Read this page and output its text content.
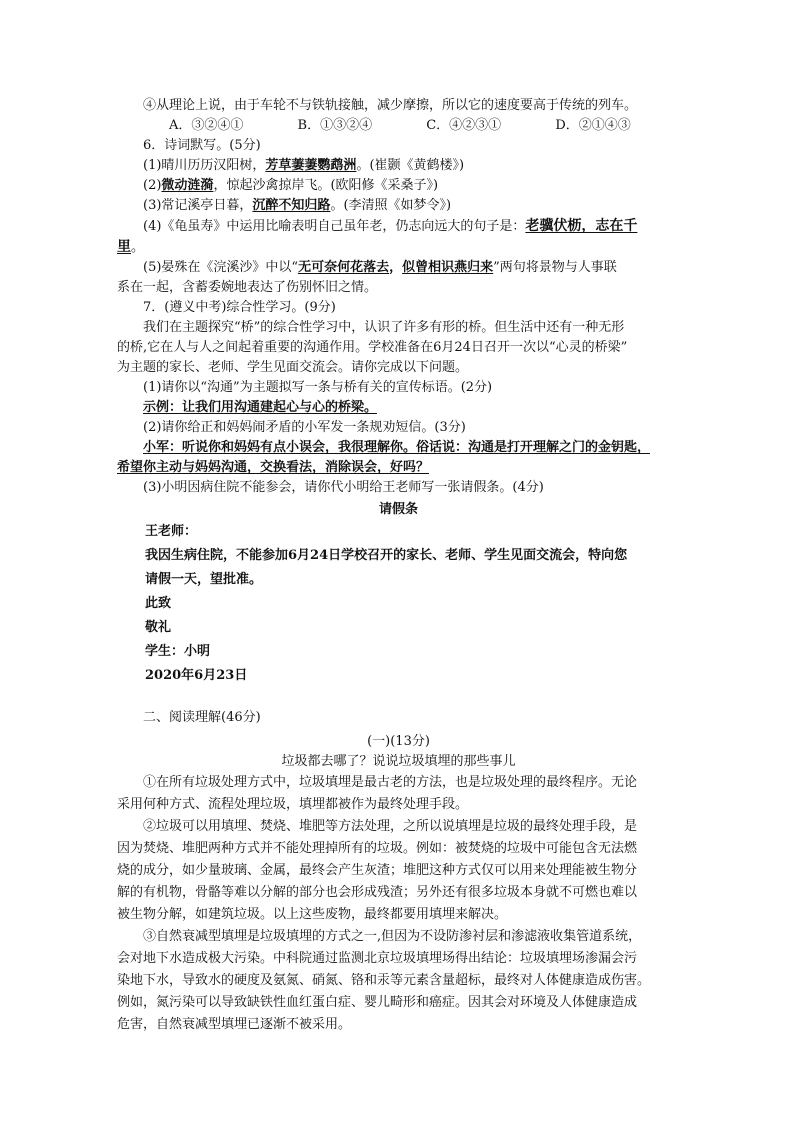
④从理论上说，由于车轮不与铁轨接触，减少摩擦，所以它的速度要高于传统的列车。
A．③②④①	B．①③②④	C．④②③①	D．②①④③
6．诗词默写。(5分)
(1)晴川历历汉阳树，芳草萋萋鹦鹉洲。(崔颢《黄鹤楼》)
(2)微动涟漪，惊起沙禽掠岸飞。(欧阳修《采桑子》)
(3)常记溪亭日暮，沉醉不知归路。(李清照《如梦令》)
(4)《龟虽寿》中运用比喻表明自己虽年老，仍志向远大的句子是：老骥伏枥，志在千
里。
(5)晏殊在《浣溪沙》中以“无可奈何花落去，似曾相识燕归来”两句将景物与人事联
系在一起，含蓄委婉地表达了伤别怀旧之情。
7．(遵义中考)综合性学习。(9分)
我们在主题探究“桥”的综合性学习中，认识了许多有形的桥。但生活中还有一种无形
的桥,它在人与人之间起着重要的沟通作用。学校准备在6月24日召开一次以“心灵的桥梁”
为主题的家长、老师、学生见面交流会。请你完成以下问题。
(1)请你以“沟通”为主题拟写一条与桥有关的宣传标语。(2分)
示例：让我们用沟通建起心与心的桥梁。
(2)请你给正和妈妈闹矛盾的小军发一条规劝短信。(3分)
小军：听说你和妈妈有点小误会，我很理解你。俗话说：沟通是打开理解之门的金钥匙，
希望你主动与妈妈沟通，交换看法，消除误会，好吗？
(3)小明因病住院不能参会，请你代小明给王老师写一张请假条。(4分)
请假条
王老师：
我因生病住院，不能参加6月24日学校召开的家长、老师、学生见面交流会，特向您
请假一天，望批准。
此致
敬礼
学生：小明
2020年6月23日
二、阅读理解(46分)
(一)(13分)
垃圾都去哪了？说说垃圾填埋的那些事儿
①在所有垃圾处理方式中，垃圾填埋是最古老的方法，也是垃圾处理的最终程序。无论
采用何种方式、流程处理垃圾，填埋都被作为最终处理手段。
②垃圾可以用填埋、焚烧、堆肥等方法处理，之所以说填埋是垃圾的最终处理手段，是
因为焚烧、堆肥两种方式并不能处理掉所有的垃圾。例如：被焚烧的垃圾中可能包含无法燃
烧的成分，如少量玻璃、金属，最终会产生灰渣；堆肥这种方式仅可以用来处理能被生物分
解的有机物，骨骼等难以分解的部分也会形成残渣；另外还有很多垃圾本身就不可燃也难以
被生物分解，如建筑垃圾。以上这些废物，最终都要用填埋来解决。
③自然衰减型填埋是垃圾填埋的方式之一,但因为不设防渗衬层和渗滤液收集管道系统，
会对地下水造成极大污染。中科院通过监测北京垃圾填埋场得出结论：垃圾填埋场渗漏会污
染地下水，导致水的硬度及氨氮、硝氮、铬和汞等元素含量超标，最终对人体健康造成伤害。
例如，氮污染可以导致缺铁性血红蛋白症、婴儿畸形和癌症。因其会对环境及人体健康造成
危害，自然衰减型填埋已逐渐不被采用。
